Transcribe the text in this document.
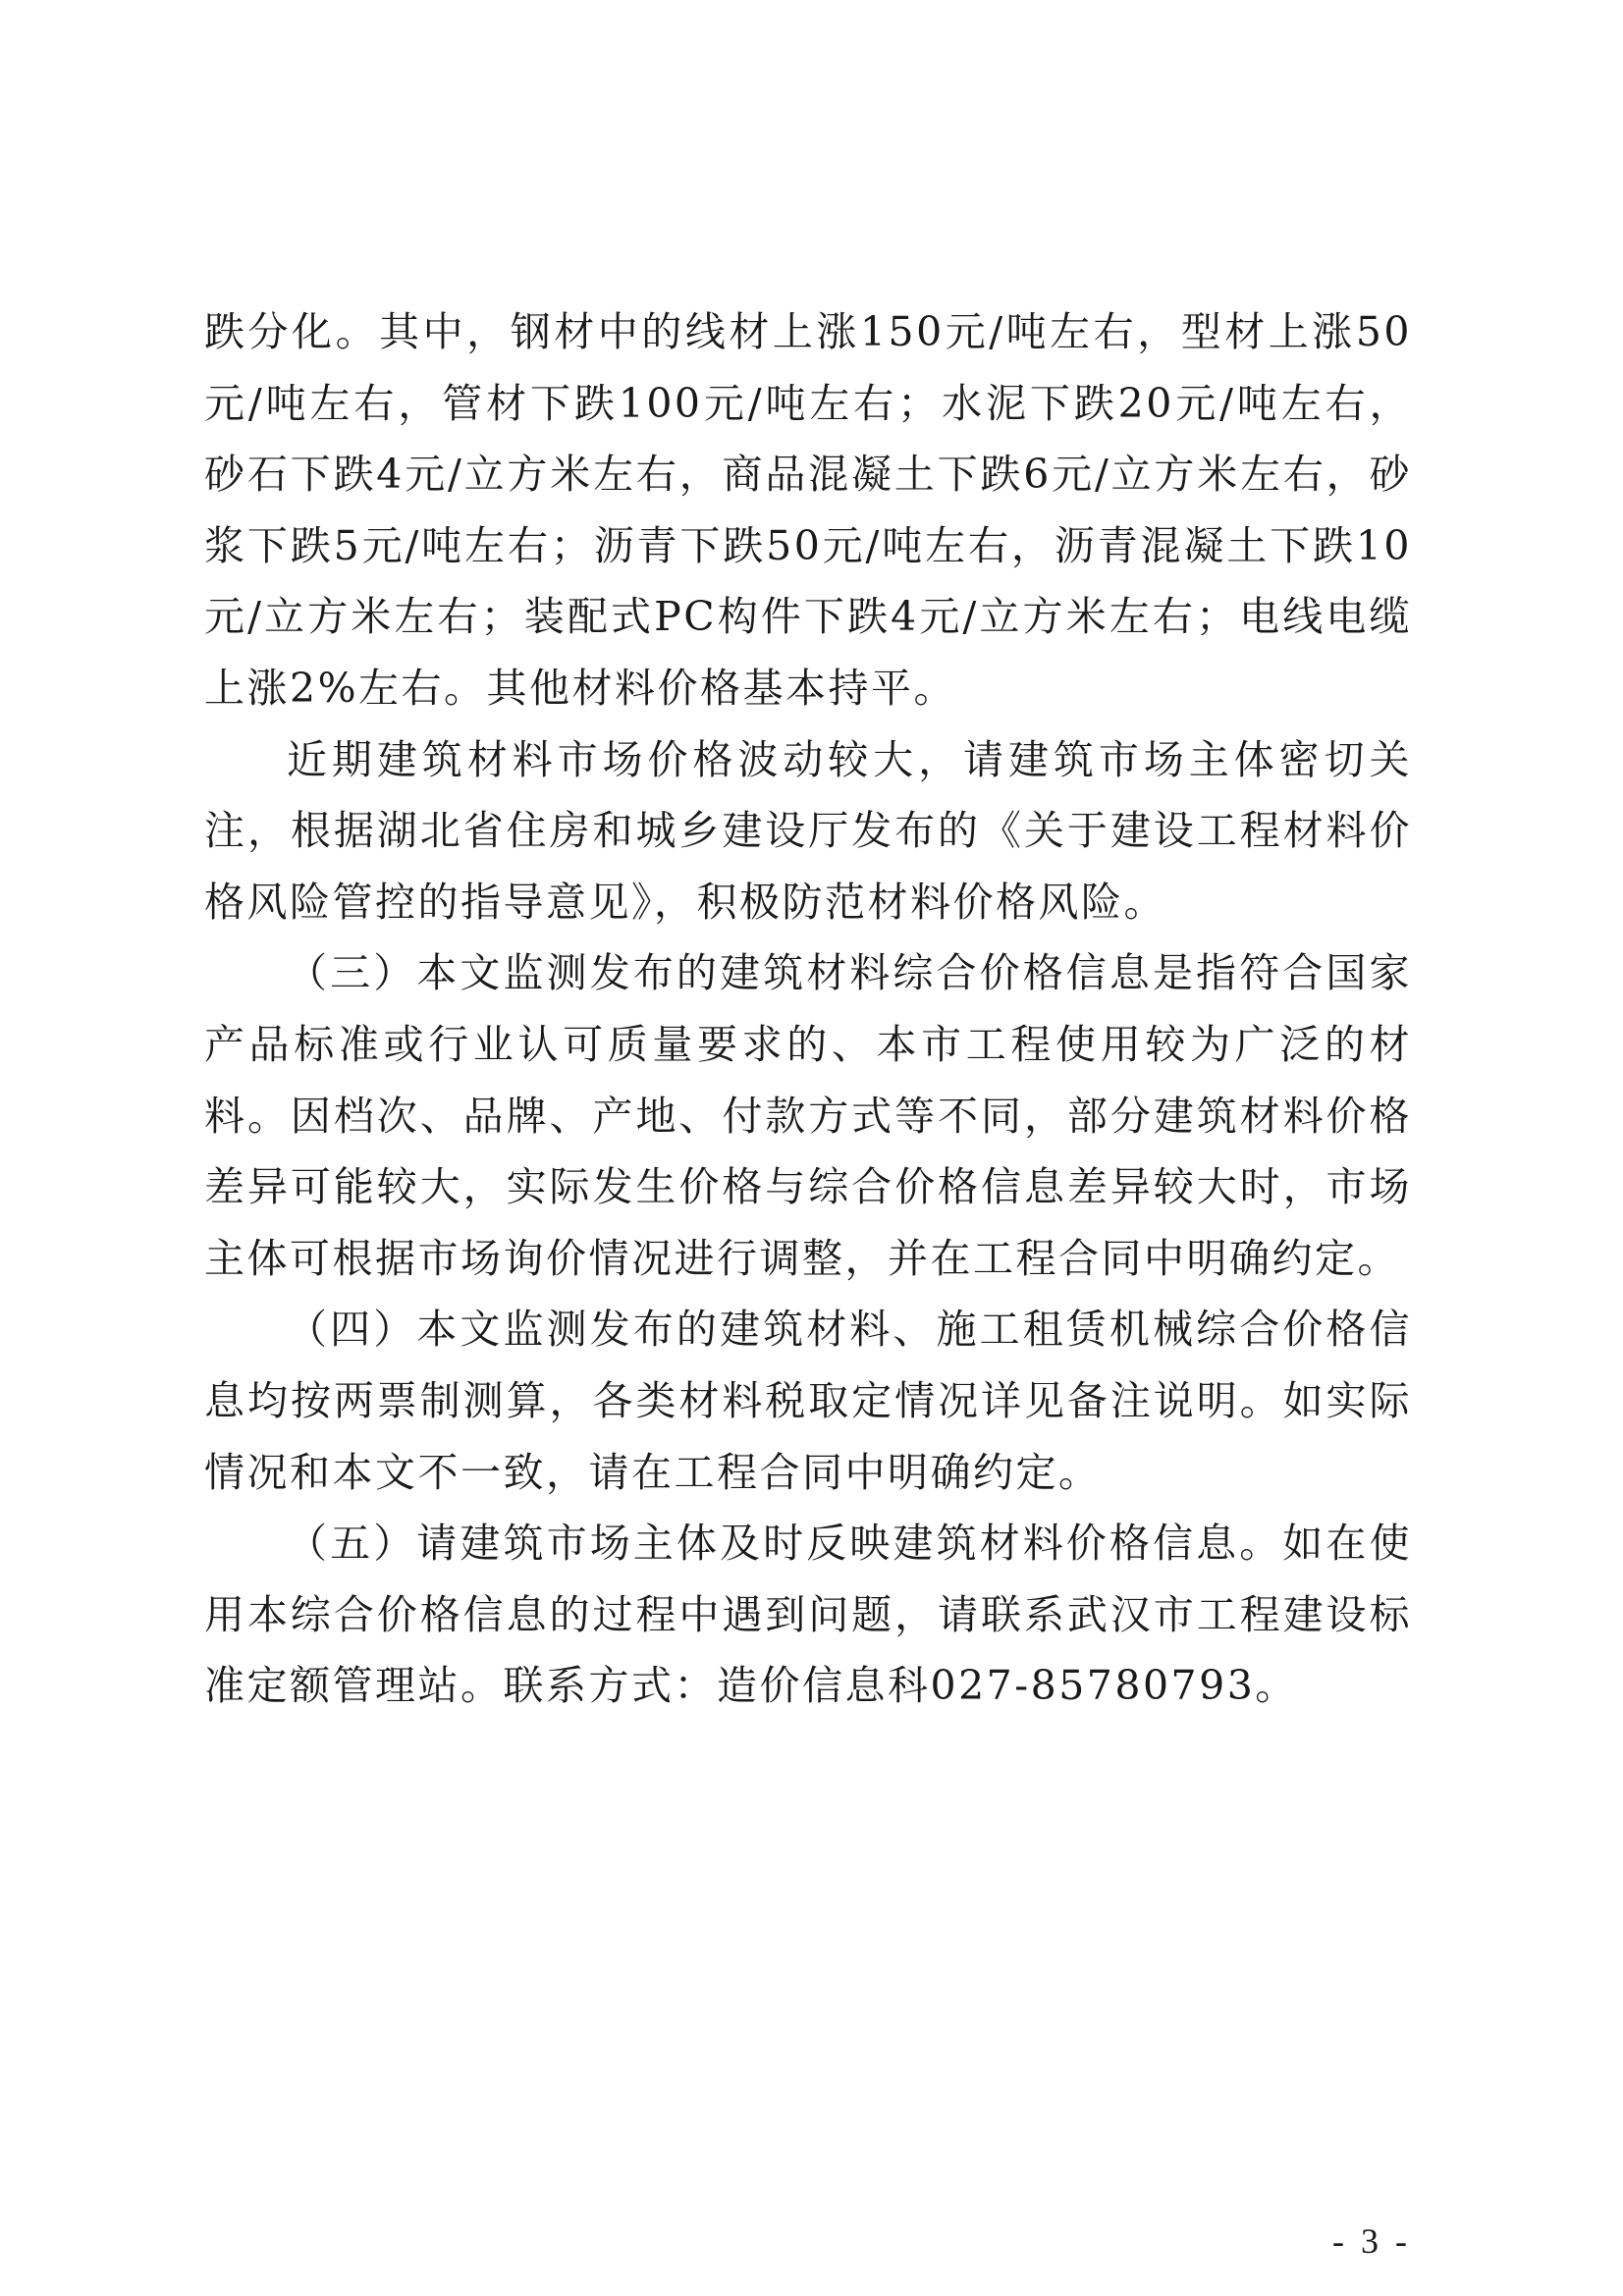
跌分化。其中，钢材中的线材上涨150元/吨左右，型材上涨50元/吨左右，管材下跌100元/吨左右；水泥下跌20元/吨左右，砂石下跌4元/立方米左右，商品混凝土下跌6元/立方米左右，砂浆下跌5元/吨左右；沥青下跌50元/吨左右，沥青混凝土下跌10元/立方米左右；装配式PC构件下跌4元/立方米左右；电线电缆上涨2%左右。其他材料价格基本持平。

近期建筑材料市场价格波动较大，请建筑市场主体密切关注，根据湖北省住房和城乡建设厅发布的《关于建设工程材料价格风险管控的指导意见》，积极防范材料价格风险。

（三）本文监测发布的建筑材料综合价格信息是指符合国家产品标准或行业认可质量要求的、本市工程使用较为广泛的材料。因档次、品牌、产地、付款方式等不同，部分建筑材料价格差异可能较大，实际发生价格与综合价格信息差异较大时，市场主体可根据市场询价情况进行调整，并在工程合同中明确约定。

（四）本文监测发布的建筑材料、施工租赁机械综合价格信息均按两票制测算，各类材料税取定情况详见备注说明。如实际情况和本文不一致，请在工程合同中明确约定。

（五）请建筑市场主体及时反映建筑材料价格信息。如在使用本综合价格信息的过程中遇到问题，请联系武汉市工程建设标准定额管理站。联系方式：造价信息科027-85780793。

- 3 -
